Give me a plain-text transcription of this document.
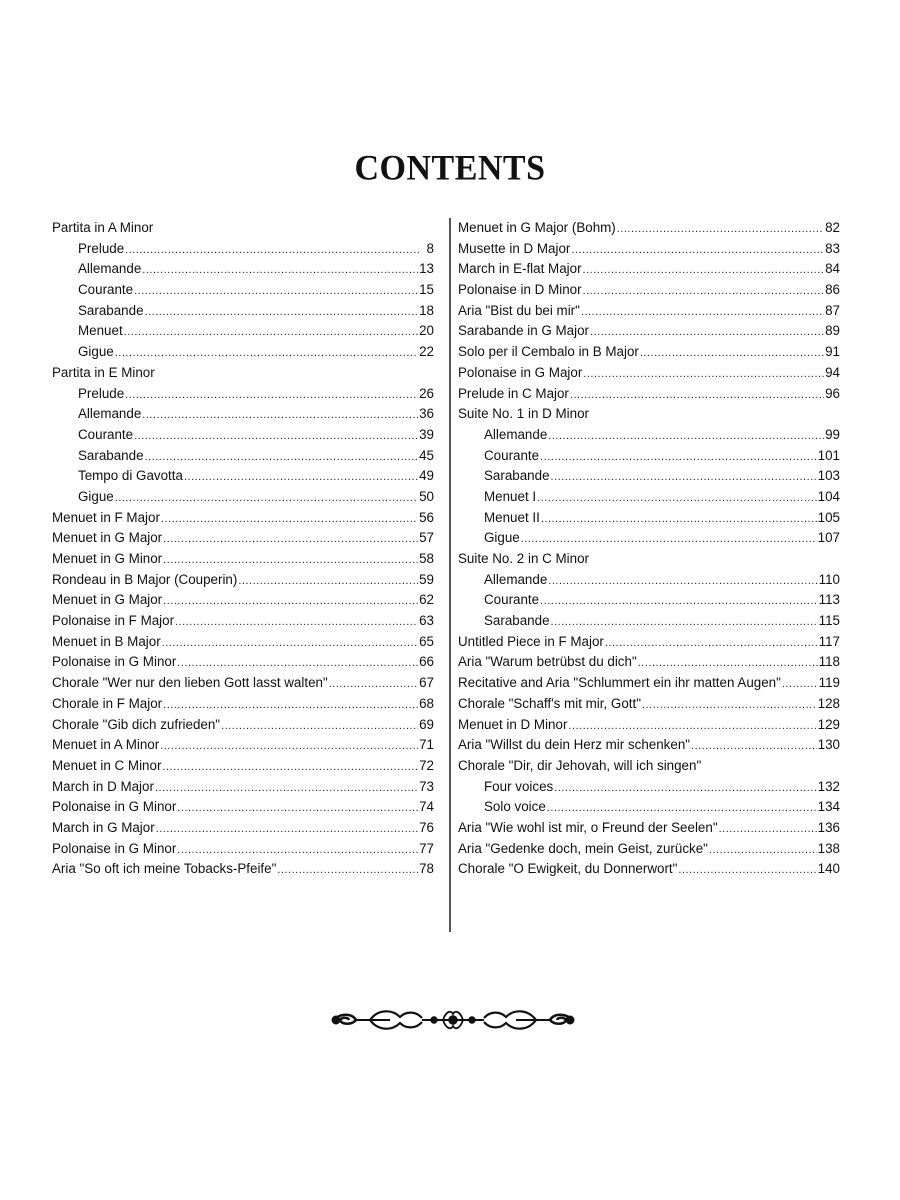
CONTENTS
Partita in A Minor
Prelude .....	8
Allemande .....	13
Courante .....	15
Sarabande .....	18
Menuet .....	20
Gigue .....	22
Partita in E Minor
Prelude .....	26
Allemande .....	36
Courante .....	39
Sarabande .....	45
Tempo di Gavotta .....	49
Gigue .....	50
Menuet in F Major .....	56
Menuet in G Major .....	57
Menuet in G Minor .....	58
Rondeau in B Major (Couperin) .....	59
Menuet in G Major .....	62
Polonaise in F Major .....	63
Menuet in B Major .....	65
Polonaise in G Minor .....	66
Chorale "Wer nur den lieben Gott lasst walten" .....	67
Chorale in F Major .....	68
Chorale "Gib dich zufrieden" .....	69
Menuet in A Minor .....	71
Menuet in C Minor .....	72
March in D Major .....	73
Polonaise in G Minor .....	74
March in G Major .....	76
Polonaise in G Minor .....	77
Aria "So oft ich meine Tobacks-Pfeife" .....	78
Menuet in G Major (Bohm) .....	82
Musette in D Major .....	83
March in E-flat Major .....	84
Polonaise in D Minor .....	86
Aria "Bist du bei mir" .....	87
Sarabande in G Major .....	89
Solo per il Cembalo in B Major .....	91
Polonaise in G Major .....	94
Prelude in C Major .....	96
Suite No. 1 in D Minor
Allemande .....	99
Courante .....	101
Sarabande .....	103
Menuet I .....	104
Menuet II .....	105
Gigue .....	107
Suite No. 2 in C Minor
Allemande .....	110
Courante .....	113
Sarabande .....	115
Untitled Piece in F Major .....	117
Aria "Warum betrübst du dich" .....	118
Recitative and Aria "Schlummert ein ihr matten Augen" .....	119
Chorale "Schaff's mit mir, Gott" .....	128
Menuet in D Minor .....	129
Aria "Willst du dein Herz mir schenken" .....	130
Chorale "Dir, dir Jehovah, will ich singen"
Four voices .....	132
Solo voice .....	134
Aria "Wie wohl ist mir, o Freund der Seelen" .....	136
Aria "Gedenke doch, mein Geist, zurücke" .....	138
Chorale "O Ewigkeit, du Donnerwort" .....	140
